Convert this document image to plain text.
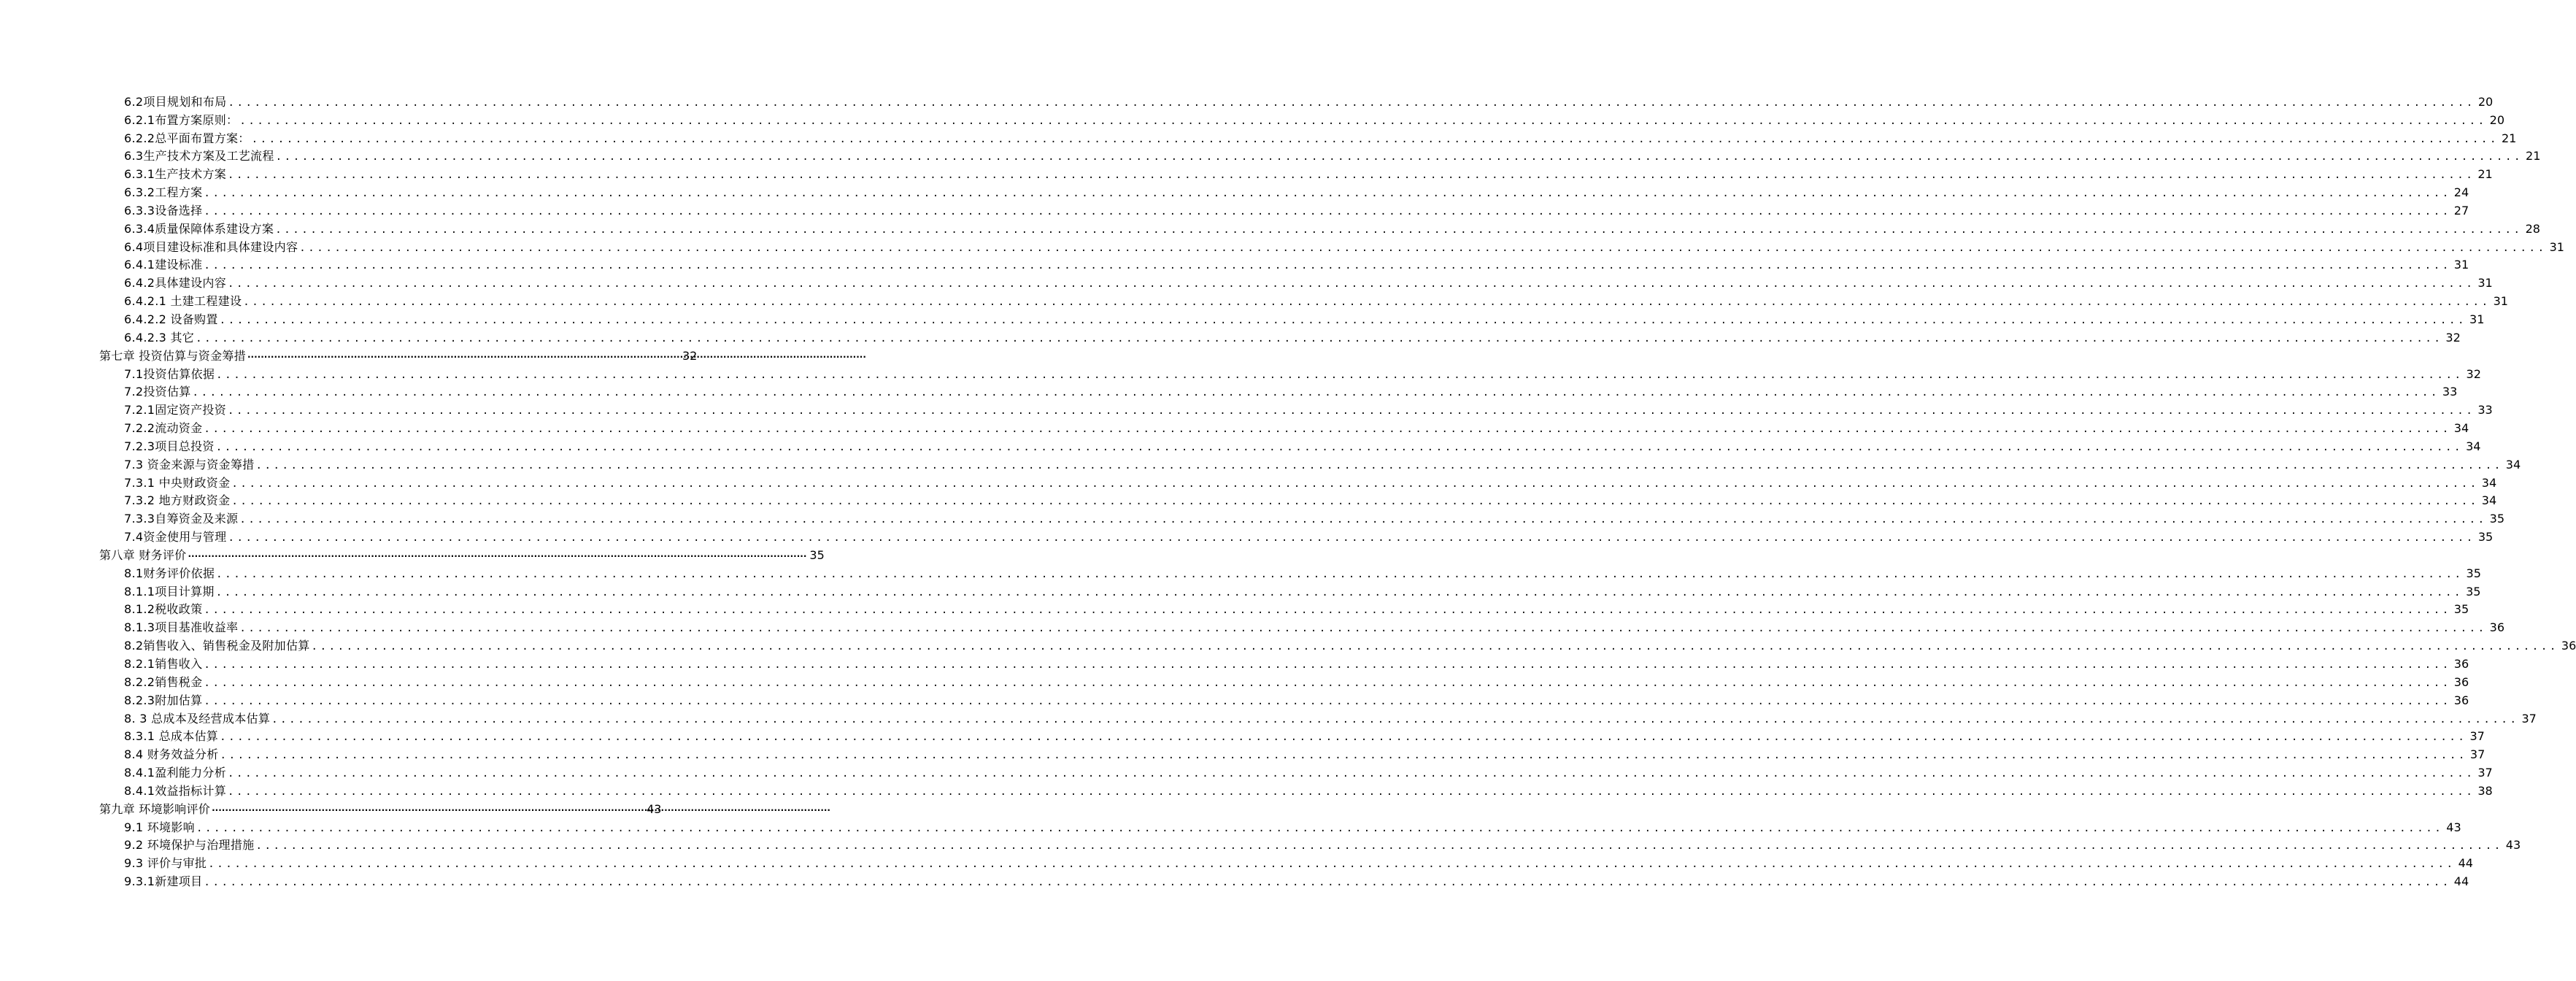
6.2项目规划和布局 .....	20
6.2.1布置方案原则： .....	20
6.2.2总平面布置方案： .....	21
6.3生产技术方案及工艺流程 .....	21
6.3.1生产技术方案 .....	21
6.3.2工程方案 .....	24
6.3.3设备选择 .....	27
6.3.4质量保障体系建设方案 .....	28
6.4项目建设标准和具体建设内容 .....	31
6.4.1建设标准 .....	31
6.4.2具体建设内容 .....	31
6.4.2.1 土建工程建设 .....	31
6.4.2.2 设备购置 .....	31
6.4.2.3 其它 .....	32
第七章 投资估算与资金筹措 ·····	32
7.1投资估算依据 .....	32
7.2投资估算 .....	33
7.2.1固定资产投资 .....	33
7.2.2流动资金 .....	34
7.2.3项目总投资 .....	34
7.3 资金来源与资金筹措 .....	34
7.3.1 中央财政资金 .....	34
7.3.2 地方财政资金 .....	34
7.3.3自筹资金及来源 .....	35
7.4资金使用与管理 .....	35
第八章 财务评价 ·····	35
8.1财务评价依据 .....	35
8.1.1项目计算期 .....	35
8.1.2税收政策 .....	35
8.1.3项目基准收益率 .....	36
8.2销售收入、销售税金及附加估算 .....	36
8.2.1销售收入 .....	36
8.2.2销售税金 .....	36
8.2.3附加估算 .....	36
8. 3 总成本及经营成本估算 .....	37
8.3.1 总成本估算 .....	37
8.4 财务效益分析 .....	37
8.4.1盈利能力分析 .....	37
8.4.1效益指标计算 .....	38
第九章 环境影响评价 ·····	43
9.1 环境影响 .....	43
9.2 环境保护与治理措施 .....	43
9.3 评价与审批 .....	44
9.3.1新建项目 .....	44
